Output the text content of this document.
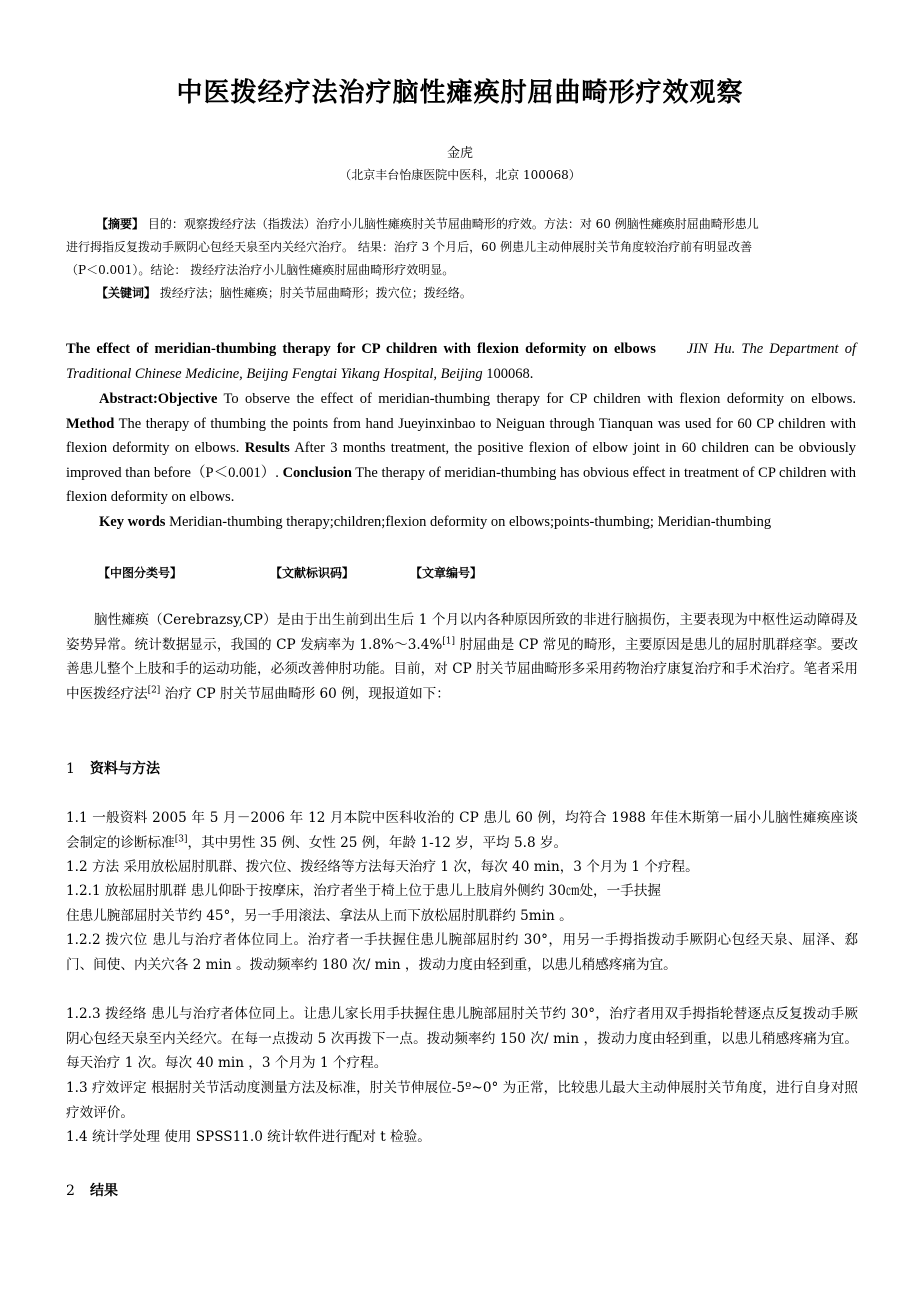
中医拨经疗法治疗脑性瘫痪肘屈曲畸形疗效观察
金虎
（北京丰台怡康医院中医科，北京 100068）
【摘要】 目的：观察拨经疗法（指拨法）治疗小儿脑性瘫痪肘关节屈曲畸形的疗效。方法：对 60 例脑性瘫痪肘屈曲畸形患儿
进行拇指反复拨动手厥阴心包经天泉至内关经穴治疗。 结果：治疗 3 个月后，60 例患儿主动伸展肘关节角度较治疗前有明显改善
（P＜0.001）。结论： 拨经疗法治疗小儿脑性瘫痪肘屈曲畸形疗效明显。
【关键词】 拨经疗法；脑性瘫痪；肘关节屈曲畸形；拨穴位；拨经络。
The effect of meridian-thumbing therapy for CP children with flexion deformity on elbows JIN Hu. The Department of Traditional Chinese Medicine, Beijing Fengtai Yikang Hospital, Beijing 100068.
Abstract:Objective To observe the effect of meridian-thumbing therapy for CP children with flexion deformity on elbows. Method The therapy of thumbing the points from hand Jueyinxinbao to Neiguan through Tianquan was used for 60 CP children with flexion deformity on elbows. Results After 3 months treatment, the positive flexion of elbow joint in 60 children can be obviously improved than before（P＜0.001）. Conclusion The therapy of meridian-thumbing has obvious effect in treatment of CP children with flexion deformity on elbows.
Key words Meridian-thumbing therapy;children;flexion deformity on elbows;points-thumbing; Meridian-thumbing
【中图分类号】	【文献标识码】	【文章编号】
脑性瘫痪（Cerebrazsy,CP）是由于出生前到出生后 1 个月以内各种原因所致的非进行脑损伤，主要表现为中枢性运动障碍及姿势异常。统计数据显示，我国的 CP 发病率为 1.8%～3.4%[1] 肘屈曲是 CP 常见的畸形，主要原因是患儿的屈肘肌群痉挛。要改善患儿整个上肢和手的运动功能，必须改善伸肘功能。目前，对 CP 肘关节屈曲畸形多采用药物治疗康复治疗和手术治疗。笔者采用中医拨经疗法[2] 治疗 CP 肘关节屈曲畸形 60 例，现报道如下：
1 资料与方法
1.1 一般资料 2005 年 5 月－2006 年 12 月本院中医科收治的 CP 患儿 60 例，均符合 1988 年佳木斯第一届小儿脑性瘫痪座谈会制定的诊断标准[3]，其中男性 35 例、女性 25 例，年龄 1-12 岁，平均 5.8 岁。
1.2 方法 采用放松屈肘肌群、拨穴位、拨经络等方法每天治疗 1 次，每次 40 min，3 个月为 1 个疗程。
1.2.1 放松屈肘肌群 患儿仰卧于按摩床，治疗者坐于椅上位于患儿上肢肩外侧约 30㎝处，一手扶握
住患儿腕部屈肘关节约 45°，另一手用滚法、拿法从上而下放松屈肘肌群约 5min 。
1.2.2 拨穴位 患儿与治疗者体位同上。治疗者一手扶握住患儿腕部屈肘约 30°，用另一手拇指拨动手厥阴心包经天泉、屈泽、郄门、间使、内关穴各 2 min 。拨动频率约 180 次/ min ，拨动力度由轻到重，以患儿稍感疼痛为宜。
1.2.3 拨经络 患儿与治疗者体位同上。让患儿家长用手扶握住患儿腕部屈肘关节约 30°，治疗者用双手拇指轮替逐点反复拨动手厥阴心包经天泉至内关经穴。在每一点拨动 5 次再拨下一点。拨动频率约 150 次/ min ，拨动力度由轻到重，以患儿稍感疼痛为宜。每天治疗 1 次。每次 40 min ，3 个月为 1 个疗程。
1.3 疗效评定 根据肘关节活动度测量方法及标准，肘关节伸展位-5º~0° 为正常，比较患儿最大主动伸展肘关节角度，进行自身对照疗效评价。
1.4 统计学处理 使用 SPSS11.0 统计软件进行配对 t 检验。
2 结果
